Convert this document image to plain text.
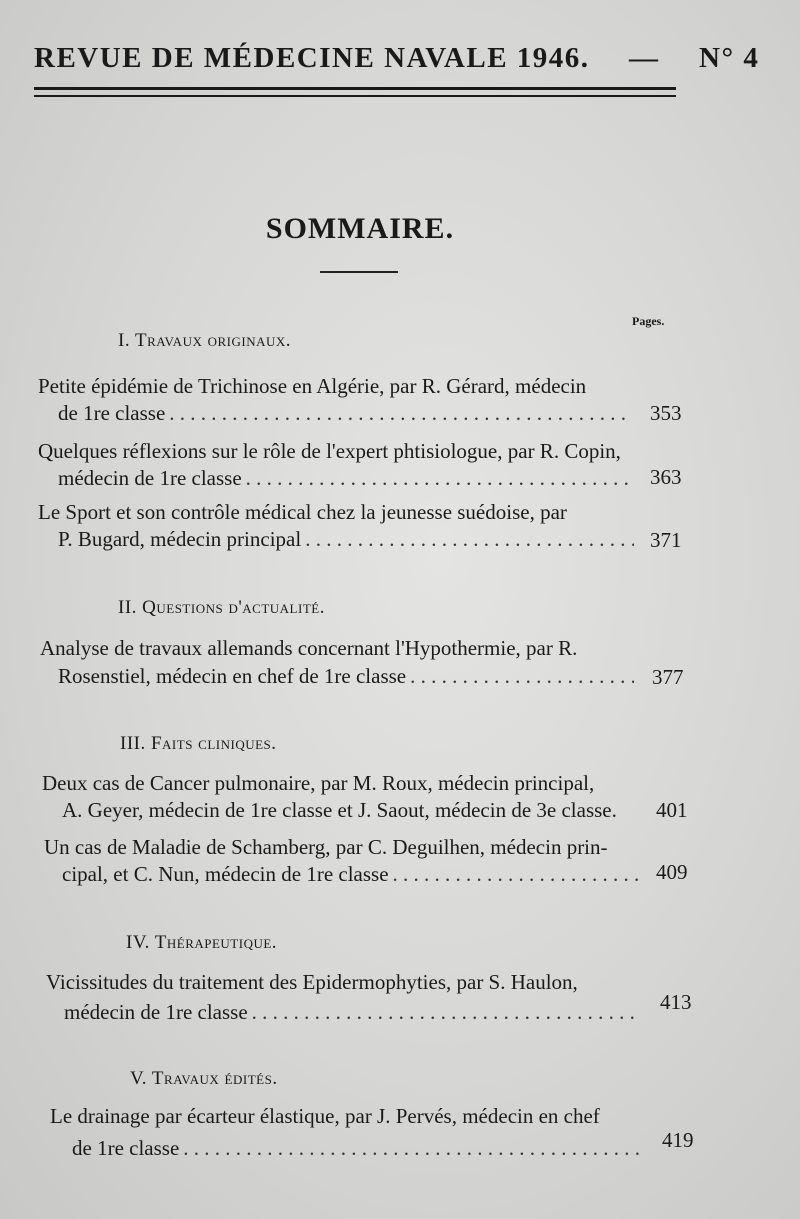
REVUE DE MÉDECINE NAVALE 1946. — N° 4
SOMMAIRE.
Pages.
I. Travaux originaux.
Petite épidémie de Trichinose en Algérie, par R. Gérard, médecin
de 1re classe . . .	353
Quelques réflexions sur le rôle de l'expert phtisiologue, par R. Copin,
médecin de 1re classe . . .	363
Le Sport et son contrôle médical chez la jeunesse suédoise, par
P. Bugard, médecin principal . . .	371
II. Questions d'actualité.
Analyse de travaux allemands concernant l'Hypothermie, par R.
Rosenstiel, médecin en chef de 1re classe . . .	377
III. Faits cliniques.
Deux cas de Cancer pulmonaire, par M. Roux, médecin principal,
A. Geyer, médecin de 1re classe et J. Saout, médecin de 3e classe. 401
Un cas de Maladie de Schamberg, par C. Deguilhen, médecin prin-
cipal, et C. Nun, médecin de 1re classe . . .	409
IV. Thérapeutique.
Vicissitudes du traitement des Epidermophyties, par S. Haulon,
médecin de 1re classe . . .	413
V. Travaux édités.
Le drainage par écarteur élastique, par J. Pervés, médecin en chef
de 1re classe . . .	419
